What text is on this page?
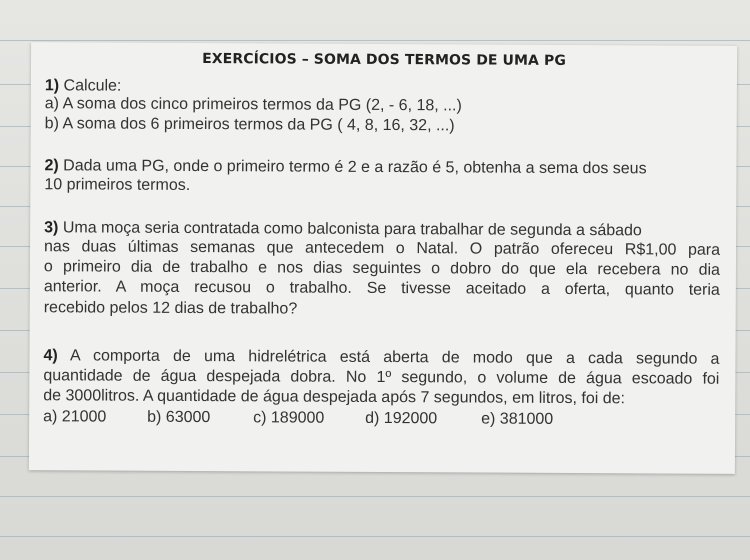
EXERCÍCIOS – SOMA DOS TERMOS DE UMA PG
1) Calcule:
a) A soma dos cinco primeiros termos da PG (2, - 6, 18, ...)
b) A soma dos 6 primeiros termos da PG ( 4, 8, 16, 32, ...)
2) Dada uma PG, onde o primeiro termo é 2 e a razão é 5, obtenha a sema dos seus
10 primeiros termos.
3) Uma moça seria contratada como balconista para trabalhar de segunda a sábado
nas duas últimas semanas que antecedem o Natal. O patrão ofereceu R$1,00 para
o primeiro dia de trabalho e nos dias seguintes o dobro do que ela recebera no dia
anterior. A moça recusou o trabalho. Se tivesse aceitado a oferta, quanto teria
recebido pelos 12 dias de trabalho?
4) A comporta de uma hidrelétrica está aberta de modo que a cada segundo a
quantidade de água despejada dobra. No 1º segundo, o volume de água escoado foi
de 3000litros. A quantidade de água despejada após 7 segundos, em litros, foi de:
a) 21000	b) 63000	c) 189000	d) 192000	e) 381000
